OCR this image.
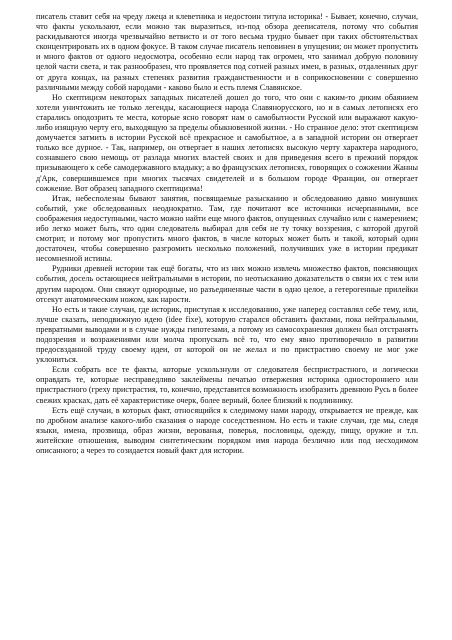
писатель ставит себя на чреду лжеца и клеветника и недостоин титула историка! - Бывает, конечно, случаи, что факты ускользают, если можно так выразиться, из-под обзора деепиcателя, потому что события раскидываются иногда чрезвычайно ветвисто и от того весьма трудно бывает при таких обстоятельствах сконцентрировать их в одном фокусе. В таком случае писатель неповинен в упущении; он может пропустить и много фактов от одного недосмотра, особенно если народ так огромен, что занимал добрую половину целой части света, и так разнообразен, что проявляется под сотней разных имен, в разных, отдаленных друг от друга концах, на разных степенях развития гражданственности и в соприкосновении с совершенно различными между собой народами - каково было и есть племя Славянское.

Но скептицизм некоторых западных писателей дошел до того, что они с каким-то диким обаянием хотели уничтожить не только легенды, касающиеся народа Славяноруcского, но и в самых летописях его старались оподозрить те места, которые ясно говорят нам о самобытности Русской или выражают какую-либо изящную черту его, выходящую за пределы обыкновенной жизни. - Но странное дело: этот скептицизм домучается затмить в истории Русской всё прекрасное и самобытное, а в западной истории он отвергает только все дурное. - Так, например, он отвергает в наших летописях высокую черту характера народного, сознавшего свою немощь от разлада многих властей своих и для приведения всего в прежний порядок призывающего к себе самодержавного владыку; а во французских летописях, говорящих о сожжении Жанны д'Арк, совершившемся при многих тысячах свидетелей и в большом городе Франции, он отвергает сожжение. Вот образец западного скептицизма!

Итак, небесполезны бывают занятия, посвящаемые разысканию и обследованию давно минувших событий, уже обследованных неоднократно. Там, где почитают все источники исчерпанными, все соображения недоступными, часто можно найти еще много фактов, опущенных случайно или с намерением; ибо легко может быть, что один следователь выбирал для себя не ту точку воззрения, с которой другой смотрит, и потому мог пропустить много фактов, в числе которых может быть и такой, который один достаточен, чтобы совершенно разгромить несколько положений, получивших уже в истории предикат несомненной истины.

Рудники древней истории так ещё богаты, что из них можно извлечь множество фактов, поясняющих события, досель остающиеся нейтральными в истории, по неотысканию доказательств о связи их с тем или другим народом. Они свяжут однородные, но разъединенные части в одно целое, а гетерогенные прилейки отсекут анатомическим ножом, как нарости.

Но есть и такие случаи, где историк, приступая к исследованию, уже наперед составлял себе тему, или, лучше сказать, неподвижную идею (idee fixe), которую старался обставить фактами, пока нейтральными, превратными выводами и в случае нужды гипотезами, а потому из самосохранения должен был отстранять подозрения и возражениями или молча пропускать всё то, что ему явно противоречило в развитии предосвзданной труду своему идеи, от которой он не желал и по пристрастию своему не мог уже уклониться.

Если собрать все те факты, которые ускользнули от следователя беспристрастного, и логически оправдать те, которые несправедливо заклеймены печатью отвержения историка одностороннего или пристрастного (греху пристрастия, то, конечно, представится возможность изобразить древнюю Русь в более свежих красках, дать её характеристике очерк, более верный, более близкий к подлиннику.

Есть ещё случаи, в которых факт, относящийся к следимому нами народу, открывается не прежде, как по дробном анализе какого-либо сказания о народе соседственном. Но есть и такие случаи, где мы, следя языки, имена, прозвища, образ жизни, верованья, поверья, пословицы, одежду, пищу, оружие и т.п. житейские отношения, выводим синтетическим порядком имя народа безлично или под несходимом описанного; а через то созидается новый факт для истории.
